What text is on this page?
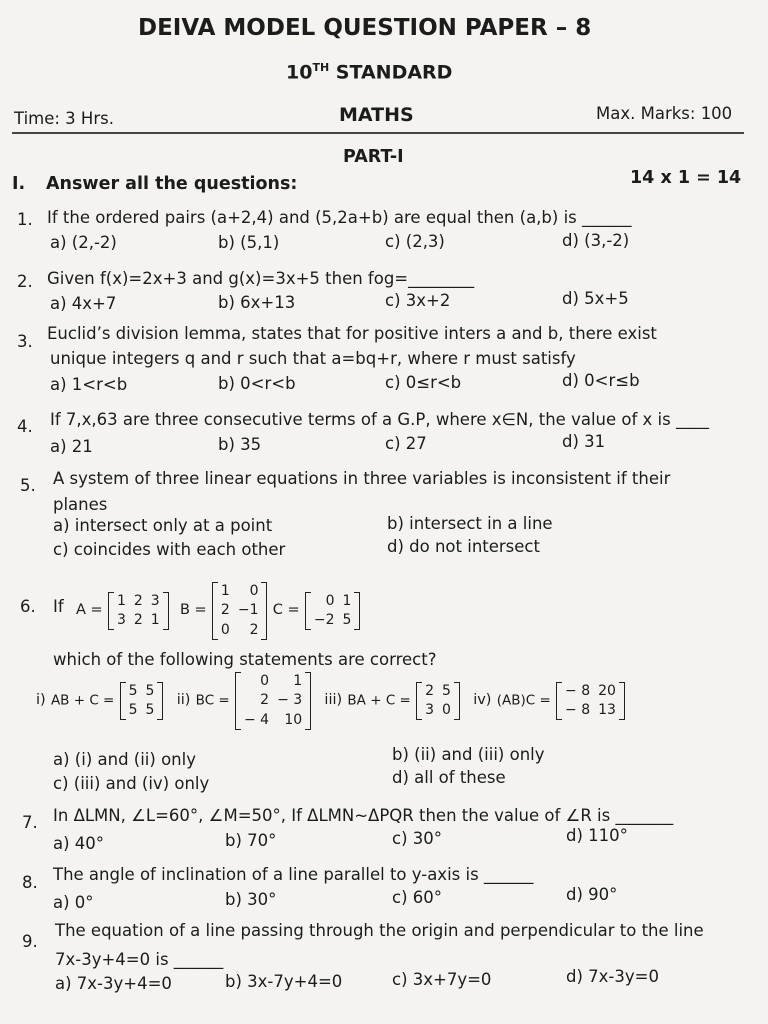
DEIVA MODEL QUESTION PAPER – 8
10TH STANDARD
Time: 3 Hrs.	MATHS	Max. Marks: 100
PART-I
I. Answer all the questions:	14 x 1 = 14
1. If the ordered pairs (a+2,4) and (5,2a+b) are equal then (a,b) is ______
a) (2,-2)	b) (5,1)	c) (2,3)	d) (3,-2)
2. Given f(x)=2x+3 and g(x)=3x+5 then fog=________
a) 4x+7	b) 6x+13	c) 3x+2	d) 5x+5
3. Euclid’s division lemma, states that for positive inters a and b, there exist
unique integers q and r such that a=bq+r, where r must satisfy
a) 1<r<b	b) 0<r<b	c) 0≤r<b	d) 0<r≤b
4. If 7,x,63 are three consecutive terms of a G.P, where x∈N, the value of x is ____
a) 21	b) 35	c) 27	d) 31
5. A system of three linear equations in three variables is inconsistent if their
planes
a) intersect only at a point	b) intersect in a line
c) coincides with each other	d) do not intersect
6. If A =
1	2	3
3	2	1
B =
1	0
2	−1
0	2
C =
0	1
−2	5
which of the following statements are correct?
i) AB + C =
5	5
5	5
ii) BC =
0	1
2	− 3
− 4	10
iii) BA + C =
2	5
3	0
iv) (AB)C =
− 8	20
− 8	13
a) (i) and (ii) only	b) (ii) and (iii) only
c) (iii) and (iv) only	d) all of these
7. In ΔLMN, ∠L=60°, ∠M=50°, If ΔLMN~ΔPQR then the value of ∠R is _______
a) 40°	b) 70°	c) 30°	d) 110°
8. The angle of inclination of a line parallel to y-axis is ______
a) 0°	b) 30°	c) 60°	d) 90°
9.
The equation of a line passing through the origin and perpendicular to the line
7x-3y+4=0 is ______
a) 7x-3y+4=0	b) 3x-7y+4=0	c) 3x+7y=0	d) 7x-3y=0
